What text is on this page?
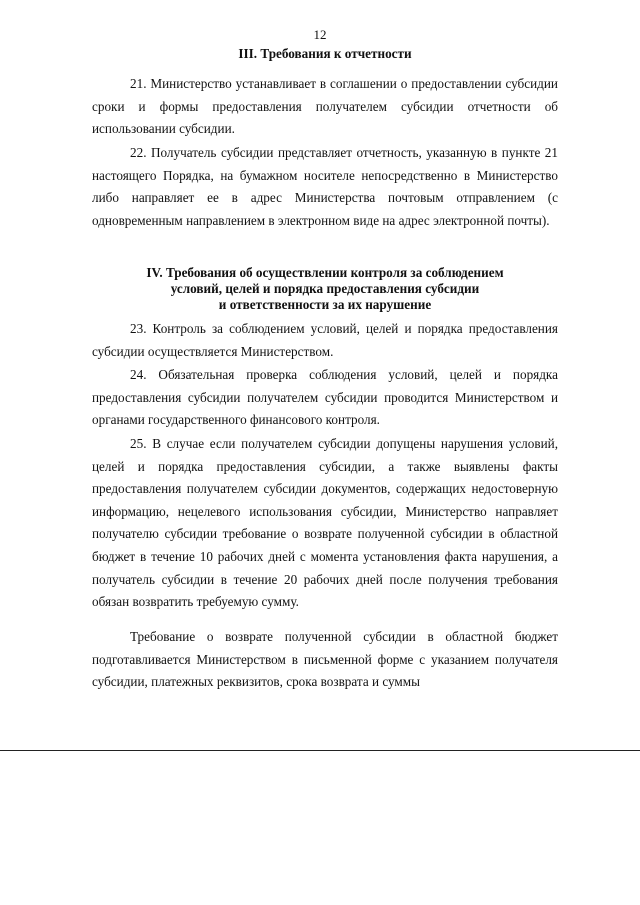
12
III. Требования к отчетности

21. Министерство устанавливает в соглашении о предоставлении субсидии сроки и формы предоставления получателем субсидии отчетности об использовании субсидии.

22. Получатель субсидии представляет отчетность, указанную в пункте 21 настоящего Порядка, на бумажном носителе непосредственно в Министерство либо направляет ее в адрес Министерства почтовым отправлением (с одновременным направлением в электронном виде на адрес электронной почты).

IV. Требования об осуществлении контроля за соблюдением
условий, целей и порядка предоставления субсидии
и ответственности за их нарушение

23. Контроль за соблюдением условий, целей и порядка предоставления субсидии осуществляется Министерством.

24. Обязательная проверка соблюдения условий, целей и порядка предоставления субсидии получателем субсидии проводится Министерством и органами государственного финансового контроля.

25. В случае если получателем субсидии допущены нарушения условий, целей и порядка предоставления субсидии, а также выявлены факты предоставления получателем субсидии документов, содержащих недостоверную информацию, нецелевого использования субсидии, Министерство направляет получателю субсидии требование о возврате полученной субсидии в областной бюджет в течение 10 рабочих дней с момента установления факта нарушения, а получатель субсидии в течение 20 рабочих дней после получения требования обязан возвратить требуемую сумму.

Требование о возврате полученной субсидии в областной бюджет подготавливается Министерством в письменной форме с указанием получателя субсидии, платежных реквизитов, срока возврата и суммы
